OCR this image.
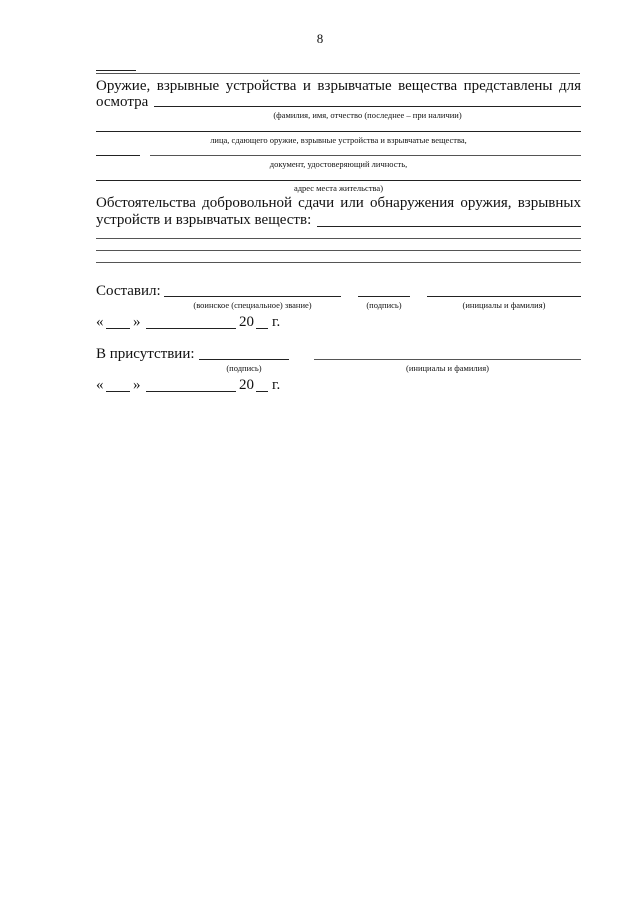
8
Оружие, взрывные устройства и взрывчатые вещества представлены для
осмотра
(фамилия, имя, отчество (последнее – при наличии)
лица, сдающего оружие, взрывные устройства и взрывчатые вещества,
документ, удостоверяющий личность,
адрес места жительства)
Обстоятельства добровольной сдачи или обнаружения оружия, взрывных
устройств и взрывчатых веществ:
Составил:
(воинское (специальное) звание)	(подпись)	(инициалы и фамилия)
« »	20 г.
В присутствии:
(подпись)	(инициалы и фамилия)
« »	20 г.
